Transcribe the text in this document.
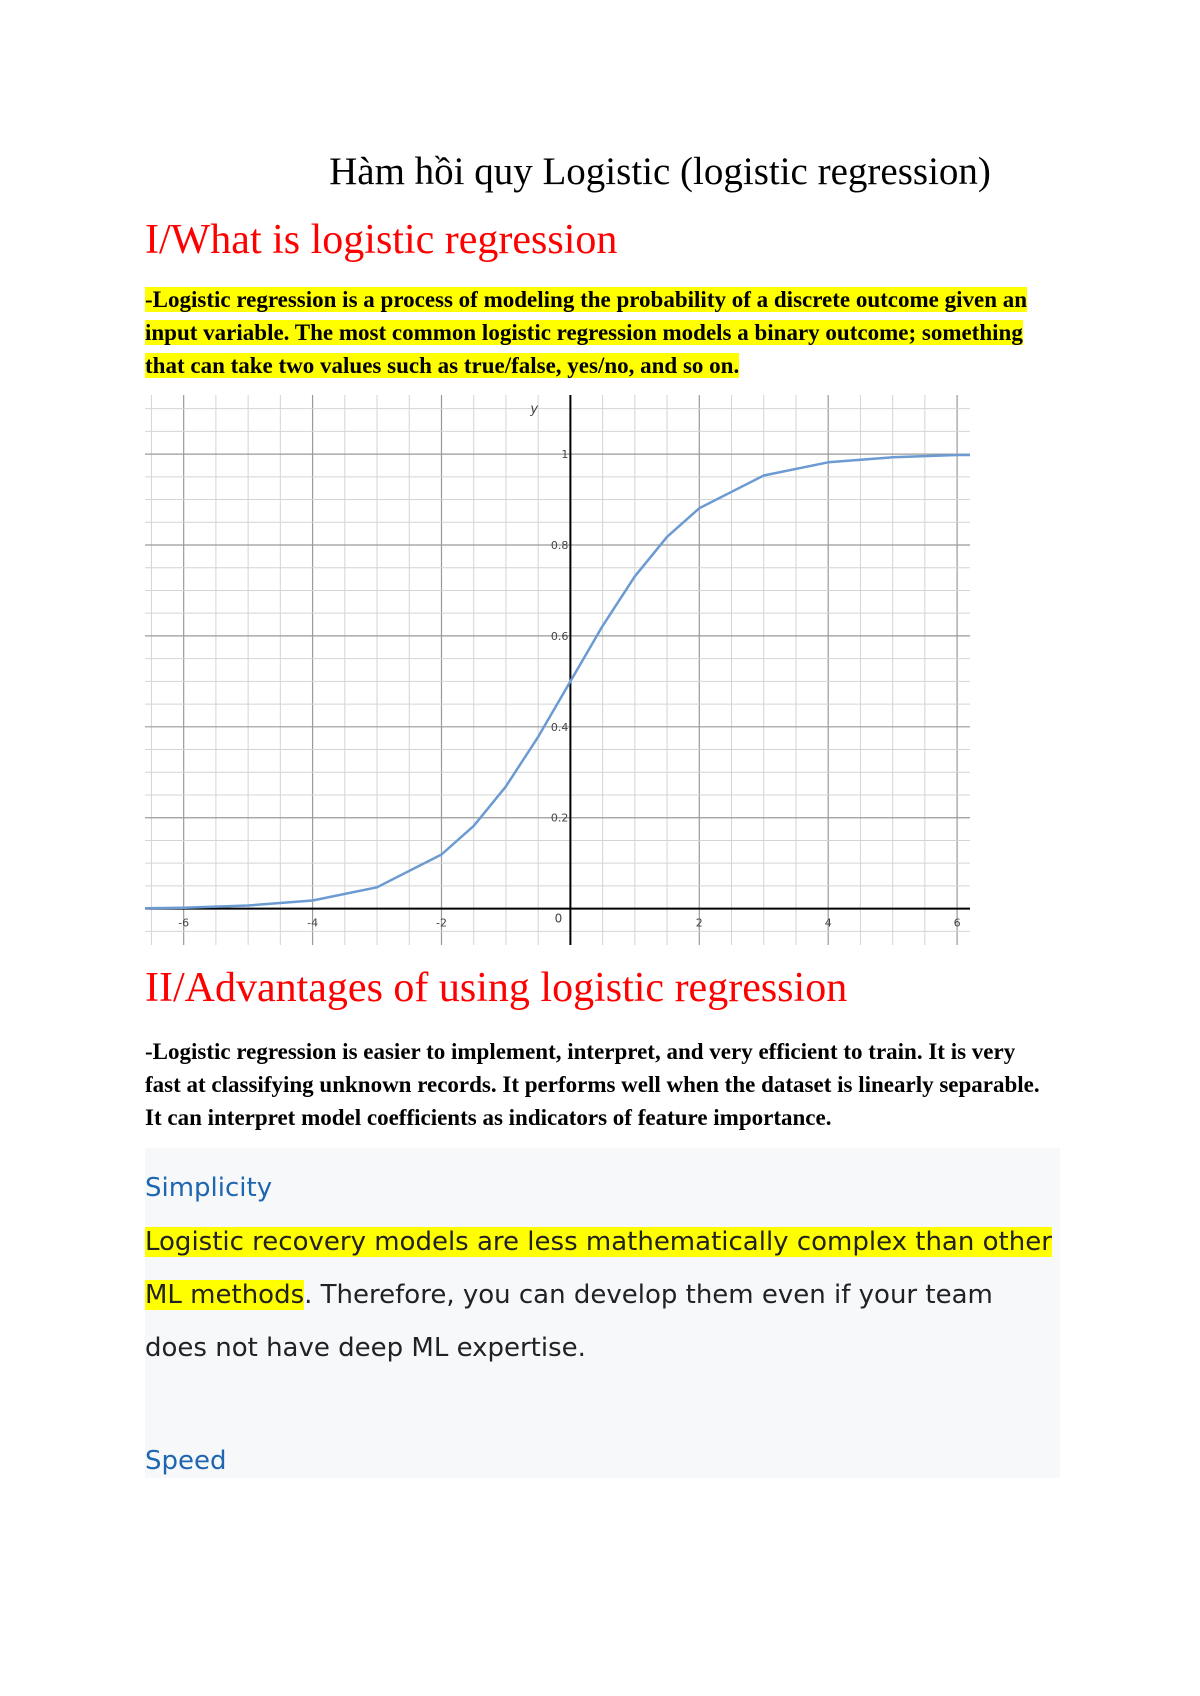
Hàm hồi quy Logistic (logistic regression)
I/What is logistic regression
-Logistic regression is a process of modeling the probability of a discrete outcome given an input variable. The most common logistic regression models a binary outcome; something that can take two values such as true/false, yes/no, and so on.
-6	-4	-2	2	4	6
0
0.2
0.4
0.6
0.8
1
y
II/Advantages of using logistic regression
-Logistic regression is easier to implement, interpret, and very efficient to train. It is very fast at classifying unknown records. It performs well when the dataset is linearly separable. It can interpret model coefficients as indicators of feature importance.
Simplicity
Logistic recovery models are less mathematically complex than other ML methods. Therefore, you can develop them even if your team does not have deep ML expertise.
Speed
